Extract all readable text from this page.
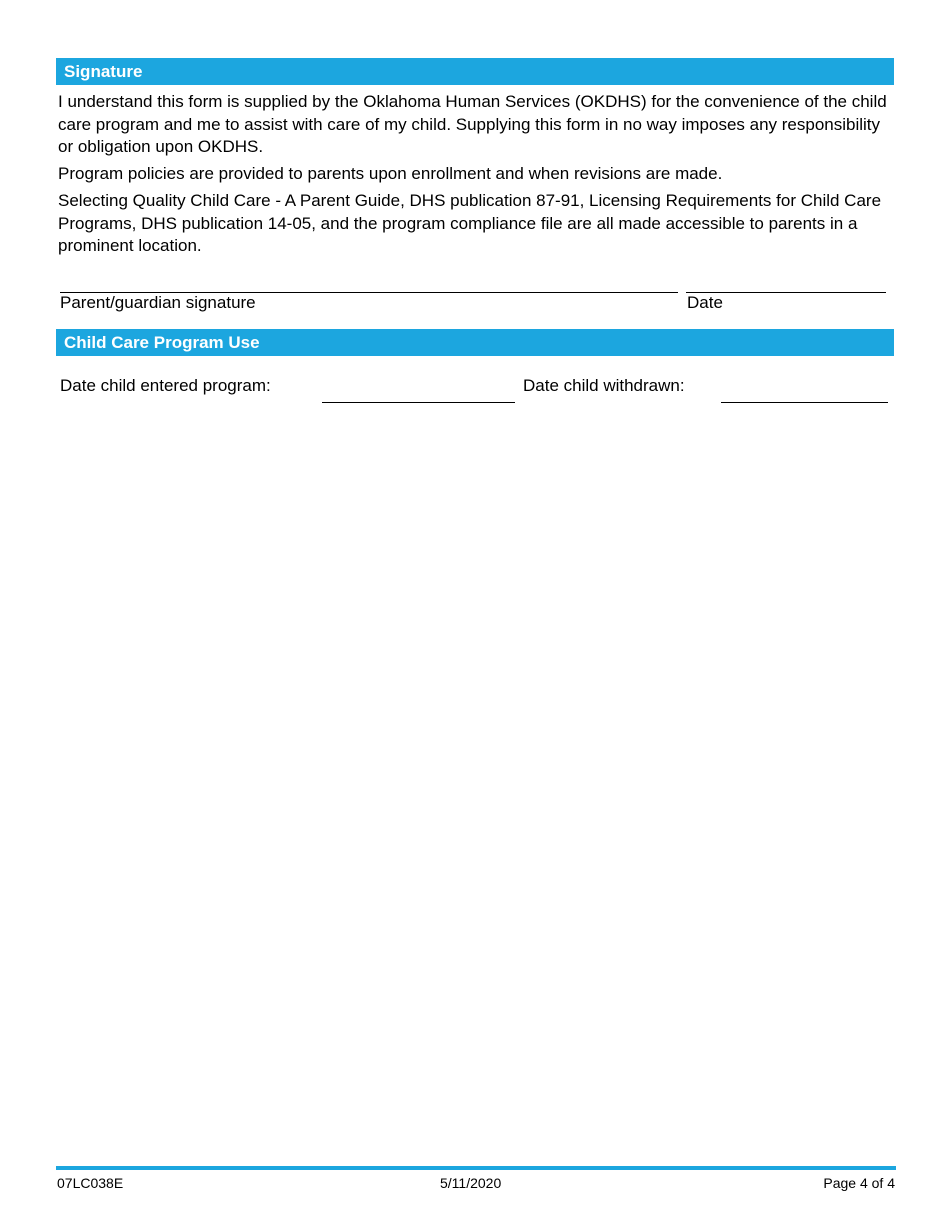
Signature

I understand this form is supplied by the Oklahoma Human Services (OKDHS) for the convenience of the child care program and me to assist with care of my child. Supplying this form in no way imposes any responsibility or obligation upon OKDHS.

Program policies are provided to parents upon enrollment and when revisions are made.

Selecting Quality Child Care - A Parent Guide, DHS publication 87-91, Licensing Requirements for Child Care Programs, DHS publication 14-05, and the program compliance file are all made accessible to parents in a prominent location.

Parent/guardian signature	Date
Child Care Program Use
Date child entered program:	Date child withdrawn:
07LC038E	5/11/2020	Page 4 of 4
